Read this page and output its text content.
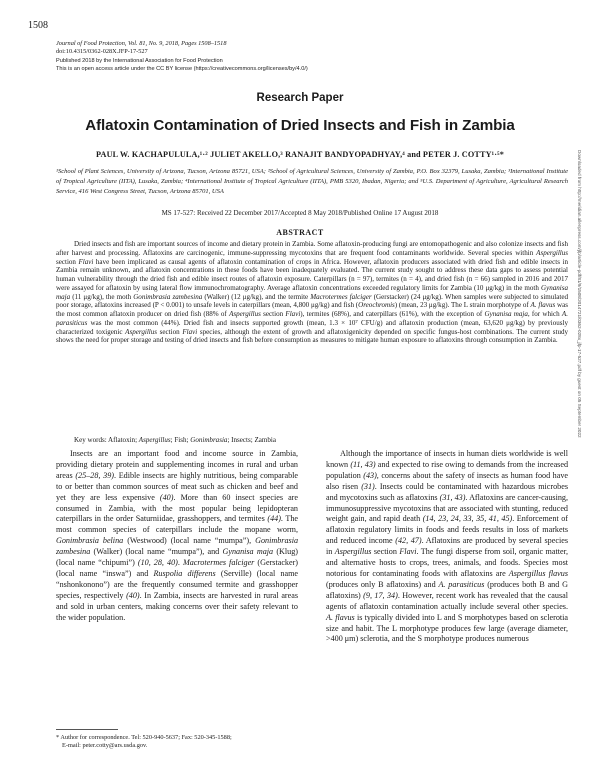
1508
Journal of Food Protection, Vol. 81, No. 9, 2018, Pages 1508–1518
doi:10.4315/0362-028X.JFP-17-527
Published 2018 by the International Association for Food Protection
This is an open access article under the CC BY license (https://creativecommons.org/licenses/by/4.0/)
Research Paper
Aflatoxin Contamination of Dried Insects and Fish in Zambia
PAUL W. KACHAPULULA,¹·² JULIET AKELLO,³ RANAJIT BANDYOPADHYAY,⁴ and PETER J. COTTY¹·⁵*
¹School of Plant Sciences, University of Arizona, Tucson, Arizona 85721, USA; ²School of Agricultural Sciences, University of Zambia, P.O. Box 32379, Lusaka, Zambia; ³International Institute of Tropical Agriculture (IITA), Lusaka, Zambia; ⁴International Institute of Tropical Agriculture (IITA), PMB 5320, Ibadan, Nigeria; and ⁵U.S. Department of Agriculture, Agricultural Research Service, 416 West Congress Street, Tucson, Arizona 85701, USA
MS 17-527: Received 22 December 2017/Accepted 8 May 2018/Published Online 17 August 2018
ABSTRACT

Dried insects and fish are important sources of income and dietary protein in Zambia. Some aflatoxin-producing fungi are entomopathogenic and also colonize insects and fish after harvest and processing. Aflatoxins are carcinogenic, immune-suppressing mycotoxins that are frequent food contaminants worldwide. Several species within Aspergillus section Flavi have been implicated as causal agents of aflatoxin contamination of crops in Africa. However, aflatoxin producers associated with dried fish and edible insects in Zambia remain unknown, and aflatoxin concentrations in these foods have been inadequately evaluated. The current study sought to address these data gaps to assess potential human vulnerability through the dried fish and edible insect routes of aflatoxin exposure. Caterpillars (n = 97), termites (n = 4), and dried fish (n = 66) sampled in 2016 and 2017 were assayed for aflatoxin by using lateral flow immunochromatography. Average aflatoxin concentrations exceeded regulatory limits for Zambia (10 μg/kg) in the moth Gynanisa maja (11 μg/kg), the moth Gonimbrasia zambesina (Walker) (12 μg/kg), and the termite Macrotermes falciger (Gerstacker) (24 μg/kg). When samples were subjected to simulated poor storage, aflatoxins increased (P < 0.001) to unsafe levels in caterpillars (mean, 4,800 μg/kg) and fish (Oreochromis) (mean, 23 μg/kg). The L strain morphotype of A. flavus was the most common aflatoxin producer on dried fish (88% of Aspergillus section Flavi), termites (68%), and caterpillars (61%), with the exception of Gynanisa maja, for which A. parasiticus was the most common (44%). Dried fish and insects supported growth (mean, 1.3 × 10⁷ CFU/g) and aflatoxin production (mean, 63,620 μg/kg) by previously characterized toxigenic Aspergillus section Flavi species, although the extent of growth and aflatoxigenicity depended on specific fungus-host combinations. The current study shows the need for proper storage and testing of dried insects and fish before consumption as measures to mitigate human exposure to aflatoxins through consumption in Zambia.

Key words: Aflatoxin; Aspergillus; Fish; Gonimbrasia; Insects; Zambia

Insects are an important food and income source in Zambia, providing dietary protein and supplementing incomes in rural and urban areas (25–28, 39). Edible insects are highly nutritious, being comparable to or better than common sources of meat such as chicken and beef and yet they are less expensive (40). More than 60 insect species are consumed in Zambia, with the most popular being lepidopteran caterpillars in the order Saturniidae, grasshoppers, and termites (44). The most common species of caterpillars include the mopane worm, Gonimbrasia belina (Westwood) (local name “mumpa”), Gonimbrasia zambesina (Walker) (local name “mumpa”), and Gynanisa maja (Klug) (local name “chipumi”) (10, 28, 40). Macrotermes falciger (Gerstacker) (local name “inswa”) and Ruspolia differens (Serville) (local name “nshonkonono”) are the frequently consumed termite and grasshopper species, respectively (40). In Zambia, insects are harvested in rural areas and sold in urban centers, making concerns over their safety relevant to the wider population.

Although the importance of insects in human diets worldwide is well known (11, 43) and expected to rise owing to demands from the increased population (43), concerns about the safety of insects as human food have also risen (31). Insects could be contaminated with hazardous microbes and mycotoxins such as aflatoxins (31, 43). Aflatoxins are cancer-causing, immunosuppressive mycotoxins that are associated with stunting, reduced weight gain, and rapid death (14, 23, 24, 33, 35, 41, 45). Enforcement of aflatoxin regulatory limits in foods and feeds results in loss of markets and reduced income (42, 47). Aflatoxins are produced by several species in Aspergillus section Flavi. The fungi disperse from soil, organic matter, and alternative hosts to crops, trees, animals, and foods. Species most notorious for contaminating foods with aflatoxins are Aspergillus flavus (produces only B aflatoxins) and A. parasiticus (produces both B and G aflatoxins) (9, 17, 34). However, recent work has revealed that the causal agents of aflatoxin contamination actually include several other species. A. flavus is typically divided into L and S morphotypes based on sclerotia size and habit. The L morphotype produces few large (average diameter, >400 μm) sclerotia, and the S morphotype produces numerous

* Author for correspondence. Tel: 520-940-5637; Fax: 520-345-1588;
E-mail: peter.cotty@ars.usda.gov.
Downloaded from http://meridian.allenpress.com/jfp/article-pdf/81/9/1508/2014721/0362-028x_jfp-17-527.pdf by guest on 05 September 2022
